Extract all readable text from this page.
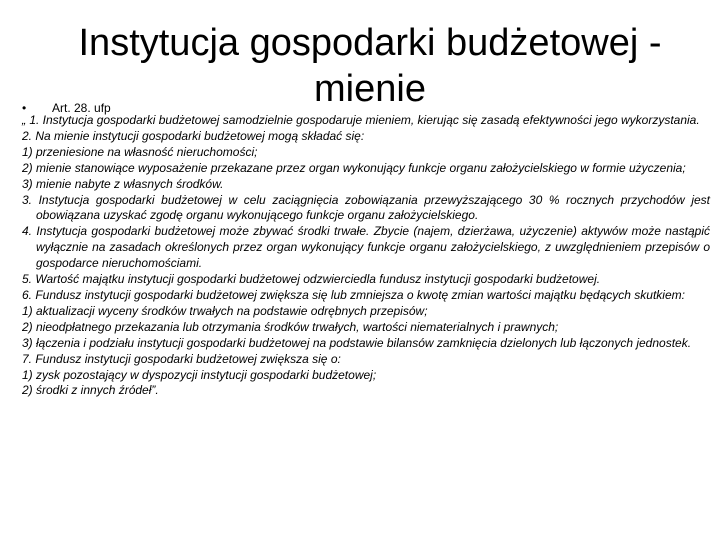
Instytucja gospodarki budżetowej - mienie
• Art. 28. ufp

„ 1. Instytucja gospodarki budżetowej samodzielnie gospodaruje mieniem, kierując się zasadą efektywności jego wykorzystania.

2. Na mienie instytucji gospodarki budżetowej mogą składać się:

1) przeniesione na własność nieruchomości;

2) mienie stanowiące wyposażenie przekazane przez organ wykonujący funkcje organu założycielskiego w formie użyczenia;

3) mienie nabyte z własnych środków.

3. Instytucja gospodarki budżetowej w celu zaciągnięcia zobowiązania przewyższającego 30 % rocznych przychodów jest obowiązana uzyskać zgodę organu wykonującego funkcje organu założycielskiego.

4. Instytucja gospodarki budżetowej może zbywać środki trwałe. Zbycie (najem, dzierżawa, użyczenie) aktywów może nastąpić wyłącznie na zasadach określonych przez organ wykonujący funkcje organu założycielskiego, z uwzględnieniem przepisów o gospodarce nieruchomościami.

5. Wartość majątku instytucji gospodarki budżetowej odzwierciedla fundusz instytucji gospodarki budżetowej.

6. Fundusz instytucji gospodarki budżetowej zwiększa się lub zmniejsza o kwotę zmian wartości majątku będących skutkiem:

1) aktualizacji wyceny środków trwałych na podstawie odrębnych przepisów;

2) nieodpłatnego przekazania lub otrzymania środków trwałych, wartości niematerialnych i prawnych;

3) łączenia i podziału instytucji gospodarki budżetowej na podstawie bilansów zamknięcia dzielonych lub łączonych jednostek.

7. Fundusz instytucji gospodarki budżetowej zwiększa się o:

1) zysk pozostający w dyspozycji instytucji gospodarki budżetowej;

2) środki z innych źródeł”.
